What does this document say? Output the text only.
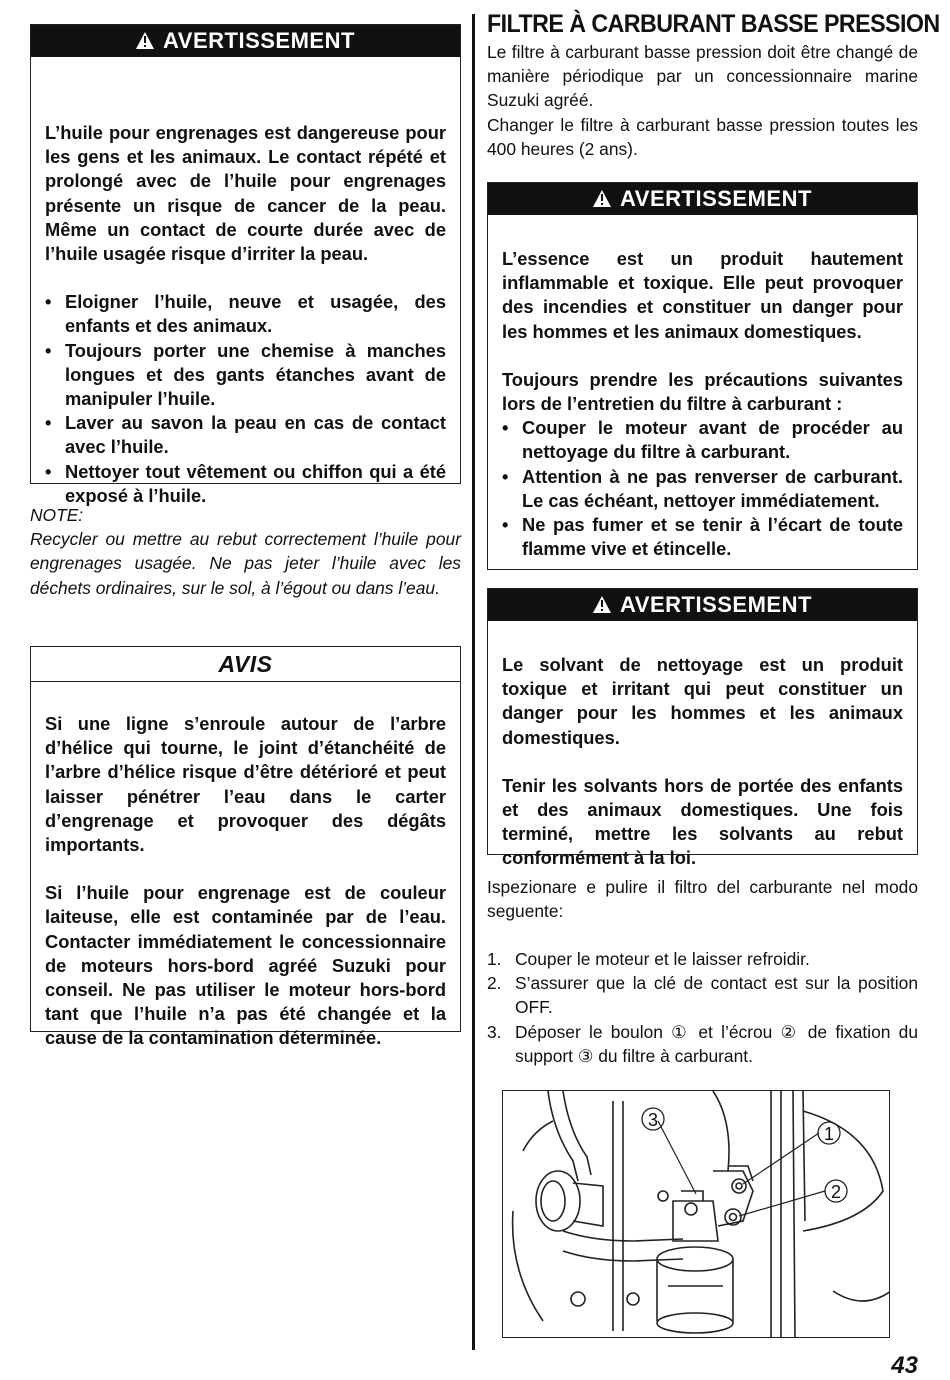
AVERTISSEMENT

L’huile pour engrenages est dangereuse pour les gens et les animaux. Le contact répété et prolongé avec de l’huile pour engrenages présente un risque de cancer de la peau. Même un contact de courte durée avec de l’huile usagée risque d’irriter la peau.

• Eloigner l’huile, neuve et usagée, des enfants et des animaux.
• Toujours porter une chemise à manches longues et des gants étanches avant de manipuler l’huile.
• Laver au savon la peau en cas de contact avec l’huile.
• Nettoyer tout vêtement ou chiffon qui a été exposé à l’huile.

NOTE:

Recycler ou mettre au rebut correctement l’huile pour engrenages usagée. Ne pas jeter l’huile avec les déchets ordinaires, sur le sol, à l’égout ou dans l’eau.

AVIS

Si une ligne s’enroule autour de l’arbre d’hélice qui tourne, le joint d’étanchéité de l’arbre d’hélice risque d’être détérioré et peut laisser pénétrer l’eau dans le carter d’engrenage et provoquer des dégâts importants.

Si l’huile pour engrenage est de couleur laiteuse, elle est contaminée par de l’eau. Contacter immédiatement le concessionnaire de moteurs hors-bord agréé Suzuki pour conseil. Ne pas utiliser le moteur hors-bord tant que l’huile n’a pas été changée et la cause de la contamination déterminée.

FILTRE À CARBURANT BASSE PRESSION

Le filtre à carburant basse pression doit être changé de manière périodique par un concessionnaire marine Suzuki agréé.

Changer le filtre à carburant basse pression toutes les 400 heures (2 ans).

AVERTISSEMENT

L’essence est un produit hautement inflammable et toxique. Elle peut provoquer des incendies et constituer un danger pour les hommes et les animaux domestiques.

Toujours prendre les précautions suivantes lors de l’entretien du filtre à carburant :

• Couper le moteur avant de procéder au nettoyage du filtre à carburant.
• Attention à ne pas renverser de carburant. Le cas échéant, nettoyer immédiatement.
• Ne pas fumer et se tenir à l’écart de toute flamme vive et étincelle.
AVERTISSEMENT

Le solvant de nettoyage est un produit toxique et irritant qui peut constituer un danger pour les hommes et les animaux domestiques.

Tenir les solvants hors de portée des enfants et des animaux domestiques. Une fois terminé, mettre les solvants au rebut conformément à la loi.

Ispezionare e pulire il filtro del carburante nel modo seguente:
1. Couper le moteur et le laisser refroidir.
2. S’assurer que la clé de contact est sur la position OFF.
3. Déposer le boulon ① et l’écrou ② de fixation du support ③ du filtre à carburant.
3
1
2
43
